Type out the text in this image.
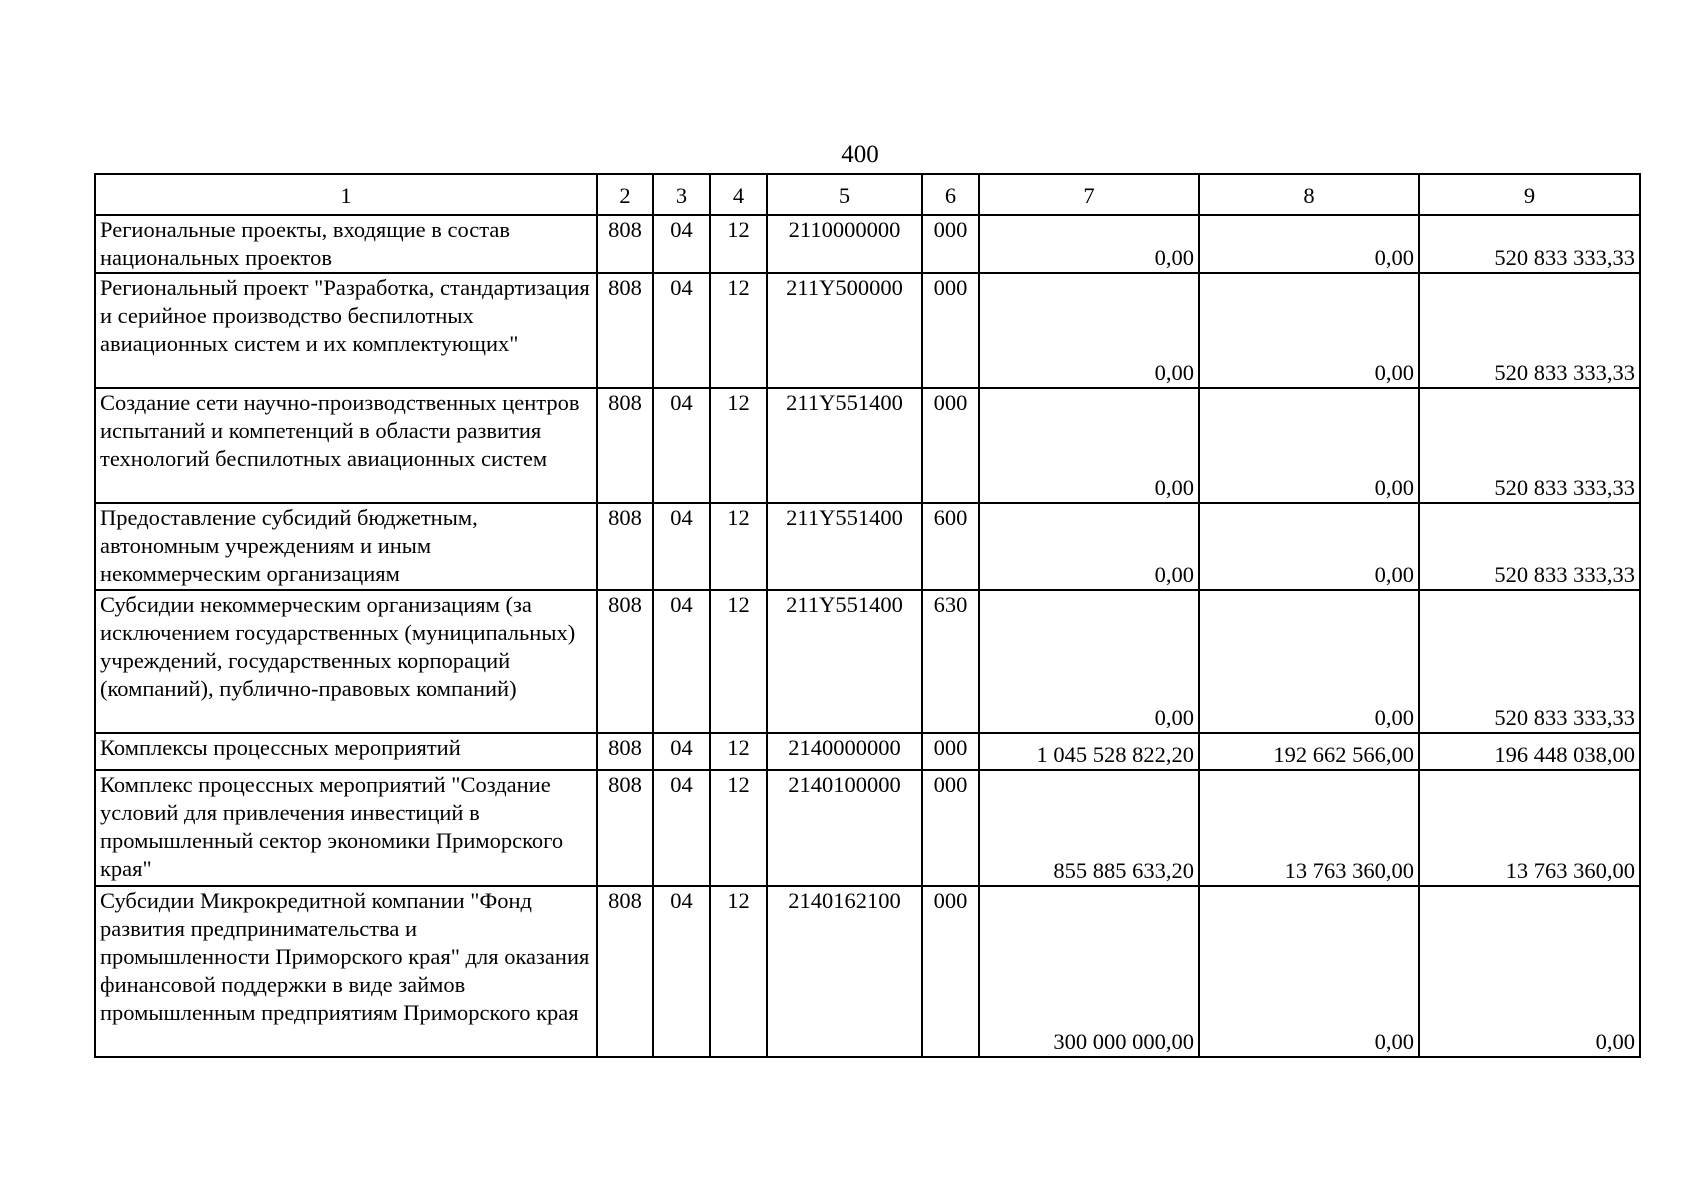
400
1	2	3	4	5	6	7	8	9
Региональные проекты, входящие в состав национальных проектов	808	04	12	2110000000	000	0,00	0,00	520 833 333,33
Региональный проект "Разработка, стандартизация и серийное производство беспилотных авиационных систем и их комплектующих"	808	04	12	211Y500000	000	0,00	0,00	520 833 333,33
Создание сети научно-производственных центров испытаний и компетенций в области развития технологий беспилотных авиационных систем	808	04	12	211Y551400	000	0,00	0,00	520 833 333,33
Предоставление субсидий бюджетным, автономным учреждениям и иным некоммерческим организациям	808	04	12	211Y551400	600	0,00	0,00	520 833 333,33
Субсидии некоммерческим организациям (за исключением государственных (муниципальных) учреждений, государственных корпораций (компаний), публично-правовых компаний)	808	04	12	211Y551400	630	0,00	0,00	520 833 333,33
Комплексы процессных мероприятий	808	04	12	2140000000	000	1 045 528 822,20	192 662 566,00	196 448 038,00
Комплекс процессных мероприятий "Создание условий для привлечения инвестиций в промышленный сектор экономики Приморского края"	808	04	12	2140100000	000	855 885 633,20	13 763 360,00	13 763 360,00
Субсидии Микрокредитной компании "Фонд развития предпринимательства и промышленности Приморского края" для оказания финансовой поддержки в виде займов промышленным предприятиям Приморского края	808	04	12	2140162100	000	300 000 000,00	0,00	0,00
